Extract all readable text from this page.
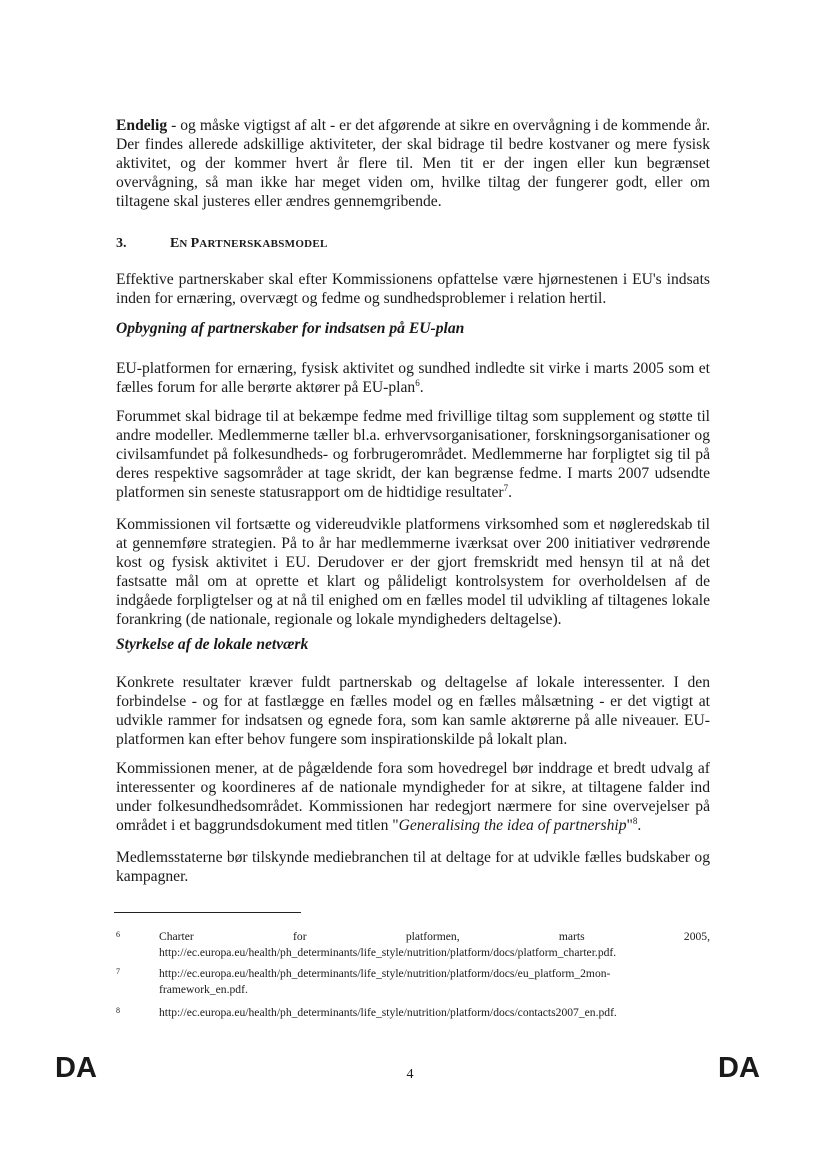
Endelig - og måske vigtigst af alt - er det afgørende at sikre en overvågning i de kommende år. Der findes allerede adskillige aktiviteter, der skal bidrage til bedre kostvaner og mere fysisk aktivitet, og der kommer hvert år flere til. Men tit er der ingen eller kun begrænset overvågning, så man ikke har meget viden om, hvilke tiltag der fungerer godt, eller om tiltagene skal justeres eller ændres gennemgribende.

3.	EN PARTNERSKABSMODEL

Effektive partnerskaber skal efter Kommissionens opfattelse være hjørnestenen i EU's indsats inden for ernæring, overvægt og fedme og sundhedsproblemer i relation hertil.

Opbygning af partnerskaber for indsatsen på EU-plan

EU-platformen for ernæring, fysisk aktivitet og sundhed indledte sit virke i marts 2005 som et fælles forum for alle berørte aktører på EU-plan$^6$.

Forummet skal bidrage til at bekæmpe fedme med frivillige tiltag som supplement og støtte til andre modeller. Medlemmerne tæller bl.a. erhvervsorganisationer, forskningsorganisationer og civilsamfundet på folkesundheds- og forbrugerområdet. Medlemmerne har forpligtet sig til på deres respektive sagsområder at tage skridt, der kan begrænse fedme. I marts 2007 udsendte platformen sin seneste statusrapport om de hidtidige resultater$^7$.

Kommissionen vil fortsætte og videreudvikle platformens virksomhed som et nøgleredskab til at gennemføre strategien. På to år har medlemmerne iværksat over 200 initiativer vedrørende kost og fysisk aktivitet i EU. Derudover er der gjort fremskridt med hensyn til at nå det fastsatte mål om at oprette et klart og pålideligt kontrolsystem for overholdelsen af de indgåede forpligtelser og at nå til enighed om en fælles model til udvikling af tiltagenes lokale forankring (de nationale, regionale og lokale myndigheders deltagelse).

Styrkelse af de lokale netværk

Konkrete resultater kræver fuldt partnerskab og deltagelse af lokale interessenter. I den forbindelse - og for at fastlægge en fælles model og en fælles målsætning - er det vigtigt at udvikle rammer for indsatsen og egnede fora, som kan samle aktørerne på alle niveauer. EU-platformen kan efter behov fungere som inspirationskilde på lokalt plan.

Kommissionen mener, at de pågældende fora som hovedregel bør inddrage et bredt udvalg af interessenter og koordineres af de nationale myndigheder for at sikre, at tiltagene falder ind under folkesundhedsområdet. Kommissionen har redegjort nærmere for sine overvejelser på området i et baggrundsdokument med titlen "Generalising the idea of partnership"$^8$.

Medlemsstaterne bør tilskynde mediebranchen til at deltage for at udvikle fælles budskaber og kampagner.

6	Charter	for	platformen,	marts	2005,
http://ec.europa.eu/health/ph_determinants/life_style/nutrition/platform/docs/platform_charter.pdf.
7	http://ec.europa.eu/health/ph_determinants/life_style/nutrition/platform/docs/eu_platform_2mon-
framework_en.pdf.
8	http://ec.europa.eu/health/ph_determinants/life_style/nutrition/platform/docs/contacts2007_en.pdf.
DA	4	DA
